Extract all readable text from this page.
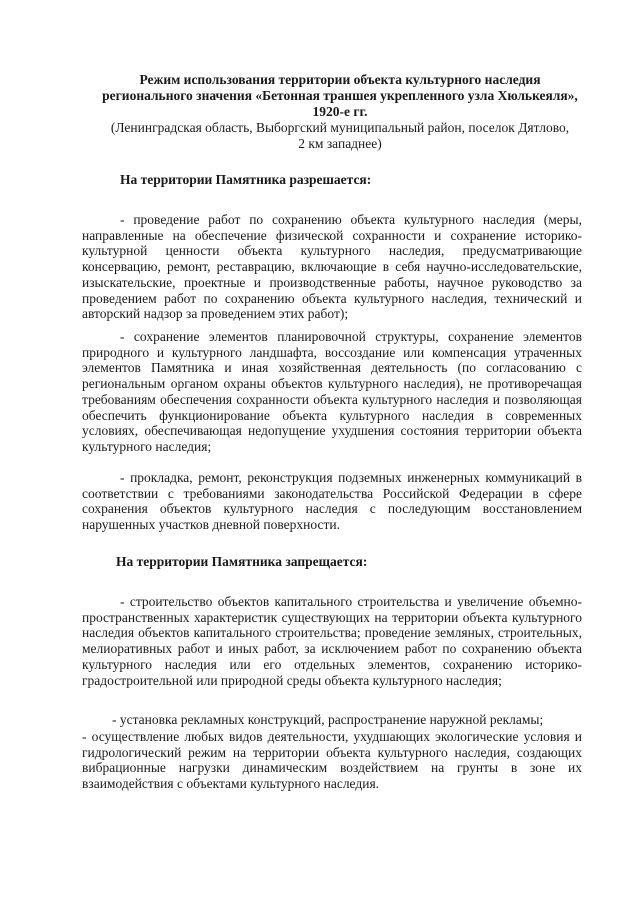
Режим использования территории объекта культурного наследия
регионального значения «Бетонная траншея укрепленного узла Хюлькеяля»,
1920-е гг.
(Ленинградская область, Выборгский муниципальный район, поселок Дятлово,
2 км западнее)
На территории Памятника разрешается:
- проведение работ по сохранению объекта культурного наследия (меры, направленные на обеспечение физической сохранности и сохранение историко-культурной ценности объекта культурного наследия, предусматривающие консервацию, ремонт, реставрацию, включающие в себя научно-исследовательские, изыскательские, проектные и производственные работы, научное руководство за проведением работ по сохранению объекта культурного наследия, технический и авторский надзор за проведением этих работ);
- сохранение элементов планировочной структуры, сохранение элементов природного и культурного ландшафта, воссоздание или компенсация утраченных элементов Памятника и иная хозяйственная деятельность (по согласованию с региональным органом охраны объектов культурного наследия), не противоречащая требованиям обеспечения сохранности объекта культурного наследия и позволяющая обеспечить функционирование объекта культурного наследия в современных условиях, обеспечивающая недопущение ухудшения состояния территории объекта культурного наследия;
- прокладка, ремонт, реконструкция подземных инженерных коммуникаций в соответствии с требованиями законодательства Российской Федерации в сфере сохранения объектов культурного наследия с последующим восстановлением нарушенных участков дневной поверхности.
На территории Памятника запрещается:
- строительство объектов капитального строительства и увеличение объемно-пространственных характеристик существующих на территории объекта культурного наследия объектов капитального строительства; проведение земляных, строительных, мелиоративных работ и иных работ, за исключением работ по сохранению объекта культурного наследия или его отдельных элементов, сохранению историко-градостроительной или природной среды объекта культурного наследия;
- установка рекламных конструкций, распространение наружной рекламы;
- осуществление любых видов деятельности, ухудшающих экологические условия и гидрологический режим на территории объекта культурного наследия, создающих вибрационные нагрузки динамическим воздействием на грунты в зоне их взаимодействия с объектами культурного наследия.
